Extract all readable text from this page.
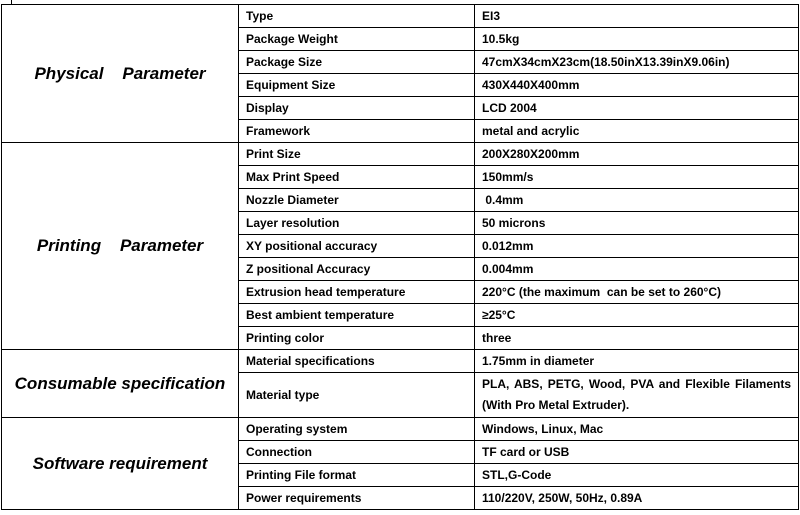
Physical    Parameter	Type	EI3
	Package Weight	10.5kg
	Package Size	47cmX34cmX23cm(18.50inX13.39inX9.06in)
	Equipment Size	430X440X400mm
	Display	LCD 2004
	Framework	metal and acrylic
Printing    Parameter	Print Size	200X280X200mm
	Max Print Speed	150mm/s
	Nozzle Diameter	0.4mm
	Layer resolution	50 microns
	XY positional accuracy	0.012mm
	Z positional Accuracy	0.004mm
	Extrusion head temperature	220°C (the maximum  can be set to 260°C)
	Best ambient temperature	≥25°C
	Printing color	three
Consumable specification	Material specifications	1.75mm in diameter
	Material type	PLA, ABS, PETG, Wood, PVA and Flexible Filaments (With Pro Metal Extruder).
Software requirement	Operating system	Windows, Linux, Mac
	Connection	TF card or USB
	Printing File format	STL,G-Code
	Power requirements	110/220V, 250W, 50Hz, 0.89A
